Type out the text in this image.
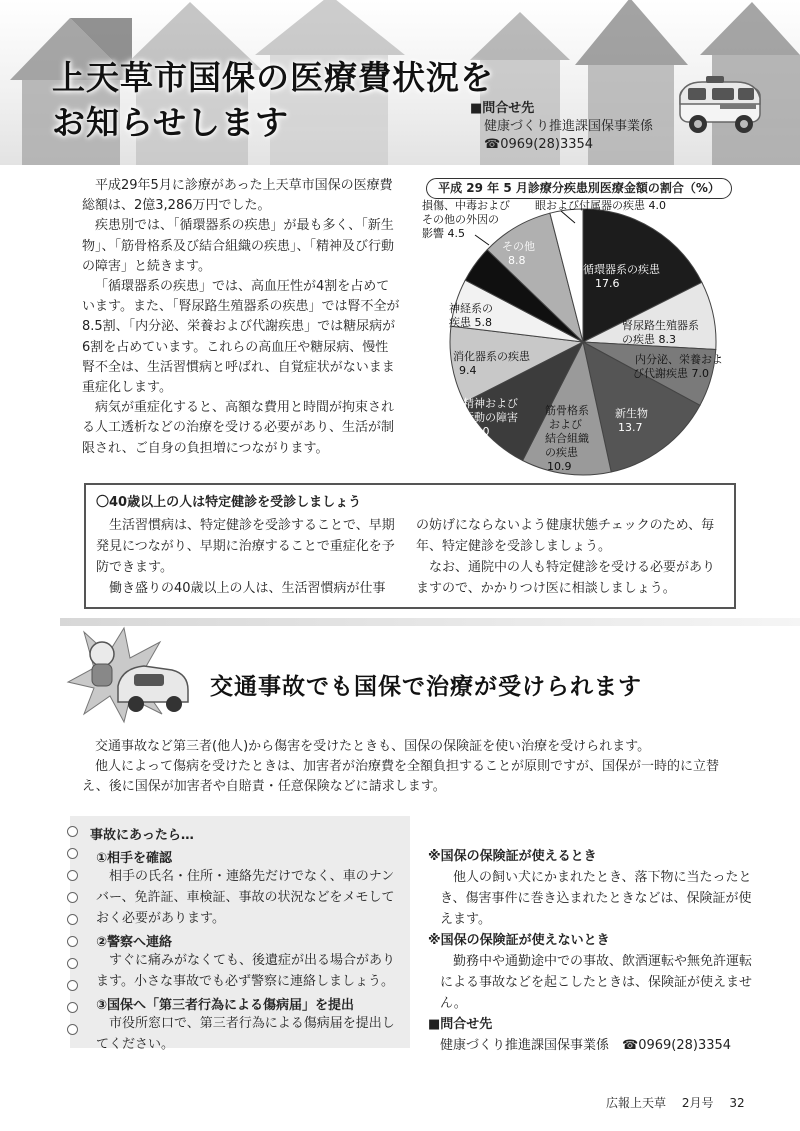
上天草市国保の医療費状況を
お知らせします	■問合せ先
健康づくり推進課国保事業係
☎0969(28)3354

平成29年5月に診療があった上天草市国保の医療費総額は、2億3,286万円でした。

疾患別では、「循環器系の疾患」が最も多く、「新生物」、「筋骨格系及び結合組織の疾患」、「精神及び行動の障害」と続きます。

「循環器系の疾患」では、高血圧性が4割を占めています。また、「腎尿路生殖器系の疾患」では腎不全が8.5割、「内分泌、栄養および代謝疾患」では糖尿病が6割を占めています。これらの高血圧や糖尿病、慢性腎不全は、生活習慣病と呼ばれ、自覚症状がないまま重症化します。

病気が重症化すると、高額な費用と時間が拘束される人工透析などの治療を受ける必要があり、生活が制限され、ご自身の負担増につながります。

平成 29 年 5 月診療分疾患別医療金額の割合（%）
循環器系の疾患
17.6
腎尿路生殖器系
の疾患 8.3
内分泌、栄養およ
び代謝疾患 7.0
新生物
13.7
筋骨格系
および
結合組織
の疾患
10.9
精神および
行動の障害
10.0
消化器系の疾患
9.4
神経系の
疾患 5.8
損傷、中毒および
その他の外因の
影響 4.5
その他
8.8
眼および付属器の疾患 4.0
〇40歳以上の人は特定健診を受診しましょう

生活習慣病は、特定健診を受診することで、早期発見につながり、早期に治療することで重症化を予防できます。

働き盛りの40歳以上の人は、生活習慣病が仕事

の妨げにならないよう健康状態チェックのため、毎年、特定健診を受診しましょう。

なお、通院中の人も特定健診を受ける必要がありますので、かかりつけ医に相談しましょう。

交通事故でも国保で治療が受けられます

交通事故など第三者(他人)から傷害を受けたときも、国保の保険証を使い治療を受けられます。

他人によって傷病を受けたときは、加害者が治療費を全額負担することが原則ですが、国保が一時的に立替え、後に国保が加害者や自賠責・任意保険などに請求します。

事故にあったら…
①相手を確認

相手の氏名・住所・連絡先だけでなく、車のナンバー、免許証、車検証、事故の状況などをメモしておく必要があります。

②警察へ連絡

すぐに痛みがなくても、後遺症が出る場合があります。小さな事故でも必ず警察に連絡しましょう。

③国保へ「第三者行為による傷病届」を提出

市役所窓口で、第三者行為による傷病届を提出してください。

※国保の保険証が使えるとき

他人の飼い犬にかまれたとき、落下物に当たったとき、傷害事件に巻き込まれたときなどは、保険証が使えます。

※国保の保険証が使えないとき

勤務中や通勤途中での事故、飲酒運転や無免許運転による事故などを起こしたときは、保険証が使えません。

■問合せ先
健康づくり推進課国保事業係　☎0969(28)3354
広報上天草 2月号 32
